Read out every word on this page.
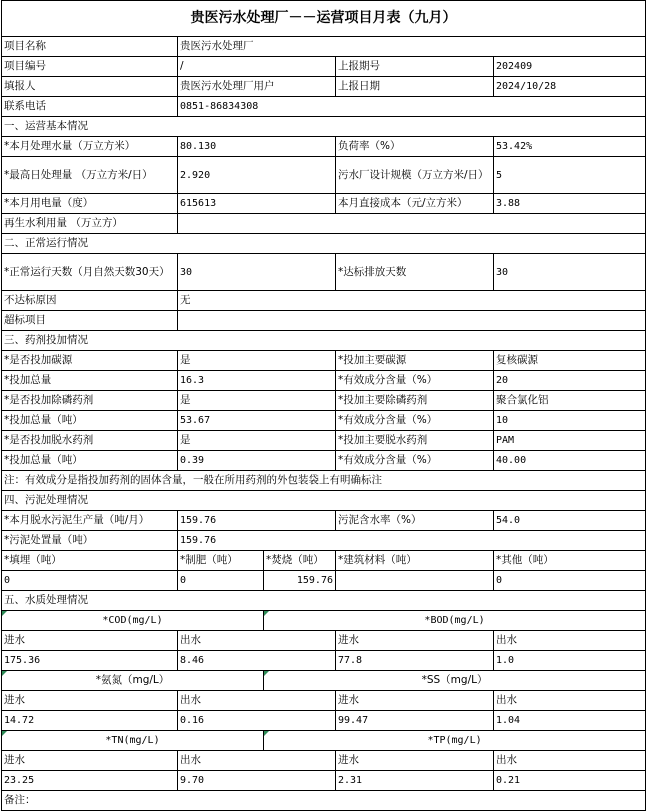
贵医污水处理厂－－运营项目月表（九月）				
项目名称	贵医污水处理厂			
项目编号	/		上报期号	202409
填报人	贵医污水处理厂用户		上报日期	2024/10/28
联系电话	0851-86834308			
一、运营基本情况				
*本月处理水量（万立方米）	80.130		负荷率（%）	53.42%
*最高日处理量 （万立方米/日）	2.920		污水厂设计规模（万立方米/日）	5
*本月用电量（度）	615613		本月直接成本（元/立方米）	3.88
再生水利用量 （万立方）				
二、正常运行情况				
*正常运行天数（月自然天数30天）	30		*达标排放天数	30
不达标原因	无			
超标项目				
三、药剂投加情况				
*是否投加碳源	是		*投加主要碳源	复核碳源
*投加总量	16.3		*有效成分含量（%）	20
*是否投加除磷药剂	是		*投加主要除磷药剂	聚合氯化铝
*投加总量（吨）	53.67		*有效成分含量（%）	10
*是否投加脱水药剂	是		*投加主要脱水药剂	PAM
*投加总量（吨）	0.39		*有效成分含量（%）	40.00
注：有效成分是指投加药剂的固体含量，一般在所用药剂的外包装袋上有明确标注				
四、污泥处理情况				
*本月脱水污泥生产量（吨/月）	159.76		污泥含水率（%）	54.0
*污泥处置量（吨）	159.76			
*填埋（吨）	*制肥（吨）	*焚烧（吨）	*建筑材料（吨）	*其他（吨）
0	0	159.76		0
五、水质处理情况				
*COD(mg/L)		*BOD(mg/L)		
进水	出水		进水	出水
175.36	8.46		77.8	1.0
*氨氮（mg/L）		*SS（mg/L）		
进水	出水		进水	出水
14.72	0.16		99.47	1.04
*TN(mg/L)		*TP(mg/L)		
进水	出水		进水	出水
23.25	9.70		2.31	0.21
备注：				
